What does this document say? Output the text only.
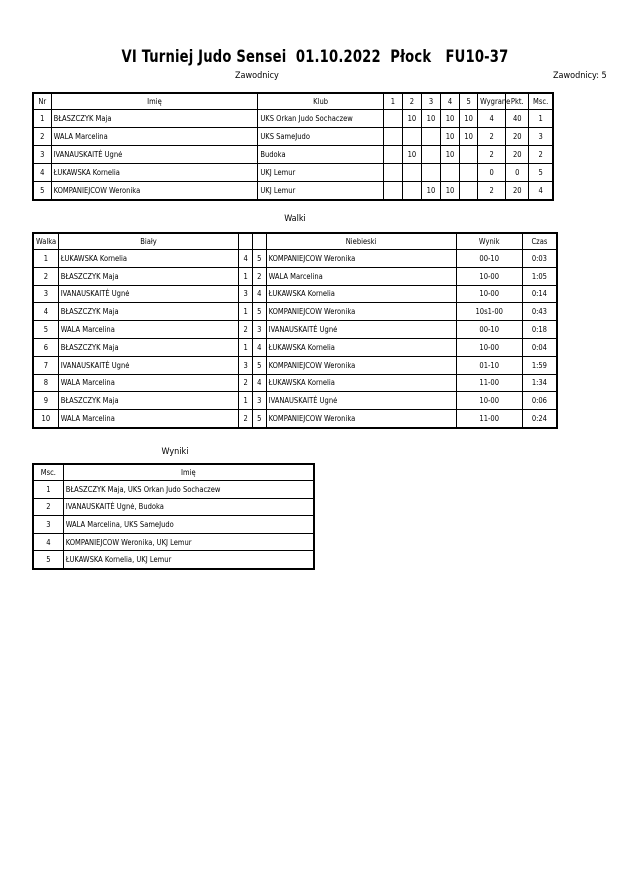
VI Turniej Judo Sensei  01.10.2022  Płock   FU10-37
Zawodnicy	Zawodnicy: 5
Nr	Imię	Klub	1	2	3	4	5	Wygrane	Pkt.	Msc.
1	BŁASZCZYK Maja	UKS Orkan Judo Sochaczew		10	10	10	10	4	40	1
2	WALA Marcelina	UKS SameJudo				10	10	2	20	3
3	IVANAUSKAITĖ Ugnė	Budoka		10		10		2	20	2
4	ŁUKAWSKA Kornelia	UKJ Lemur						0	0	5
5	KOMPANIEJCOW Weronika	UKJ Lemur			10	10		2	20	4
Walki
Walka	Biały			Niebieski	Wynik	Czas
1	ŁUKAWSKA Kornelia	4	5	KOMPANIEJCOW Weronika	00-10	0:03
2	BŁASZCZYK Maja	1	2	WALA Marcelina	10-00	1:05
3	IVANAUSKAITĖ Ugnė	3	4	ŁUKAWSKA Kornelia	10-00	0:14
4	BŁASZCZYK Maja	1	5	KOMPANIEJCOW Weronika	10s1-00	0:43
5	WALA Marcelina	2	3	IVANAUSKAITĖ Ugnė	00-10	0:18
6	BŁASZCZYK Maja	1	4	ŁUKAWSKA Kornelia	10-00	0:04
7	IVANAUSKAITĖ Ugnė	3	5	KOMPANIEJCOW Weronika	01-10	1:59
8	WALA Marcelina	2	4	ŁUKAWSKA Kornelia	11-00	1:34
9	BŁASZCZYK Maja	1	3	IVANAUSKAITĖ Ugnė	10-00	0:06
10	WALA Marcelina	2	5	KOMPANIEJCOW Weronika	11-00	0:24
Wyniki
Msc.	Imię
1	BŁASZCZYK Maja, UKS Orkan Judo Sochaczew
2	IVANAUSKAITĖ Ugnė, Budoka
3	WALA Marcelina, UKS SameJudo
4	KOMPANIEJCOW Weronika, UKJ Lemur
5	ŁUKAWSKA Kornelia, UKJ Lemur
